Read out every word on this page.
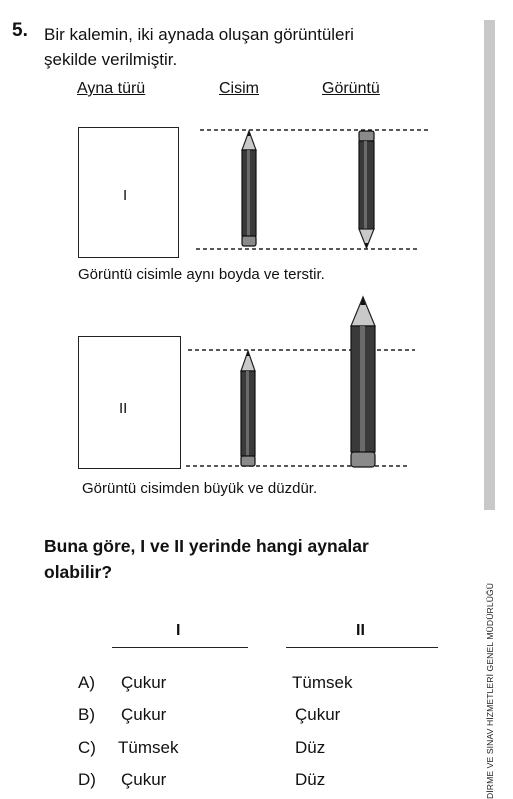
5. Bir kalemin, iki aynada oluşan görüntüleri
şekilde verilmiştir.
Ayna türü	Cisim	Görüntü
I
Görüntü cisimle aynı boyda ve terstir.
II
Görüntü cisimden büyük ve düzdür.
Buna göre, I ve II yerinde hangi aynalar
olabilir?
I	II
A) Çukur	Tümsek
B) Çukur	Çukur
C) Tümsek	Düz
D) Çukur	Düz	DİRME VE SINAV HİZMETLERİ GENEL MÜDÜRLÜĞÜ
